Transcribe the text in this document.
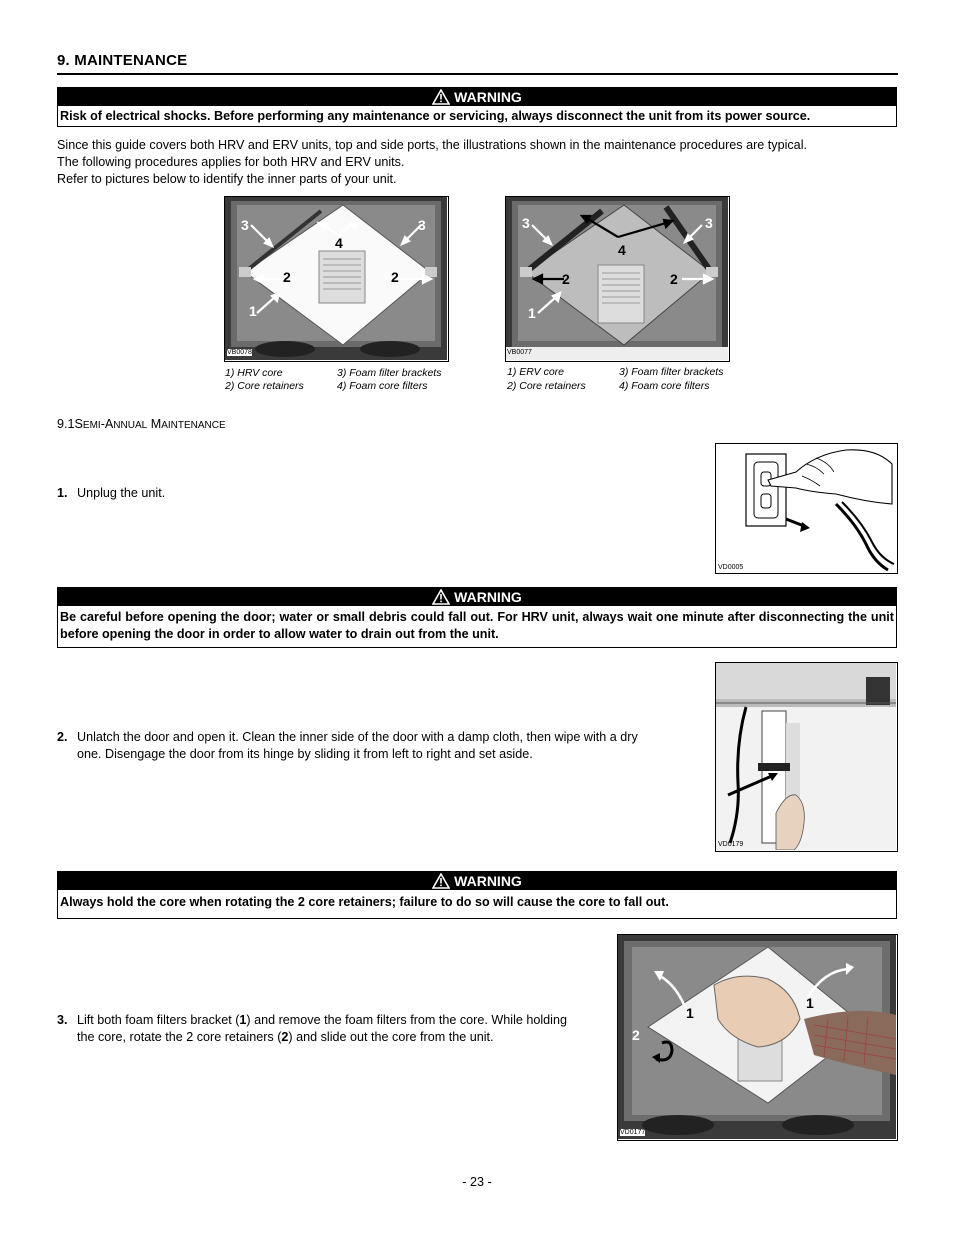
9. MAINTENANCE
WARNING
Risk of electrical shocks. Before performing any maintenance or servicing, always disconnect the unit from its power source.
Since this guide covers both HRV and ERV units, top and side ports, the illustrations shown in the maintenance procedures are typical.
The following procedures applies for both HRV and ERV units.
Refer to pictures below to identify the inner parts of your unit.
3	3
4
2	2
1
VB0078
1) HRV core
2) Core retainers
3) Foam filter brackets
4) Foam core filters
3	3
4
2	2
1
VB0077
1) ERV core
2) Core retainers
3) Foam filter brackets
4) Foam core filters
9.1SEMI-ANNUAL MAINTENANCE
1. Unplug the unit.
VD0005
WARNING
Be careful before opening the door; water or small debris could fall out. For HRV unit, always wait one minute after disconnecting the unit before opening the door in order to allow water to drain out from the unit.
2. Unlatch the door and open it. Clean the inner side of the door with a damp cloth, then wipe with a dry
one. Disengage the door from its hinge by sliding it from left to right and set aside.
VD0179
WARNING
Always hold the core when rotating the 2 core retainers; failure to do so will cause the core to fall out.
3. Lift both foam filters bracket (1) and remove the foam filters from the core. While holding
the core, rotate the 2 core retainers (2) and slide out the core from the unit.
1
1
2
VD0177
- 23 -
